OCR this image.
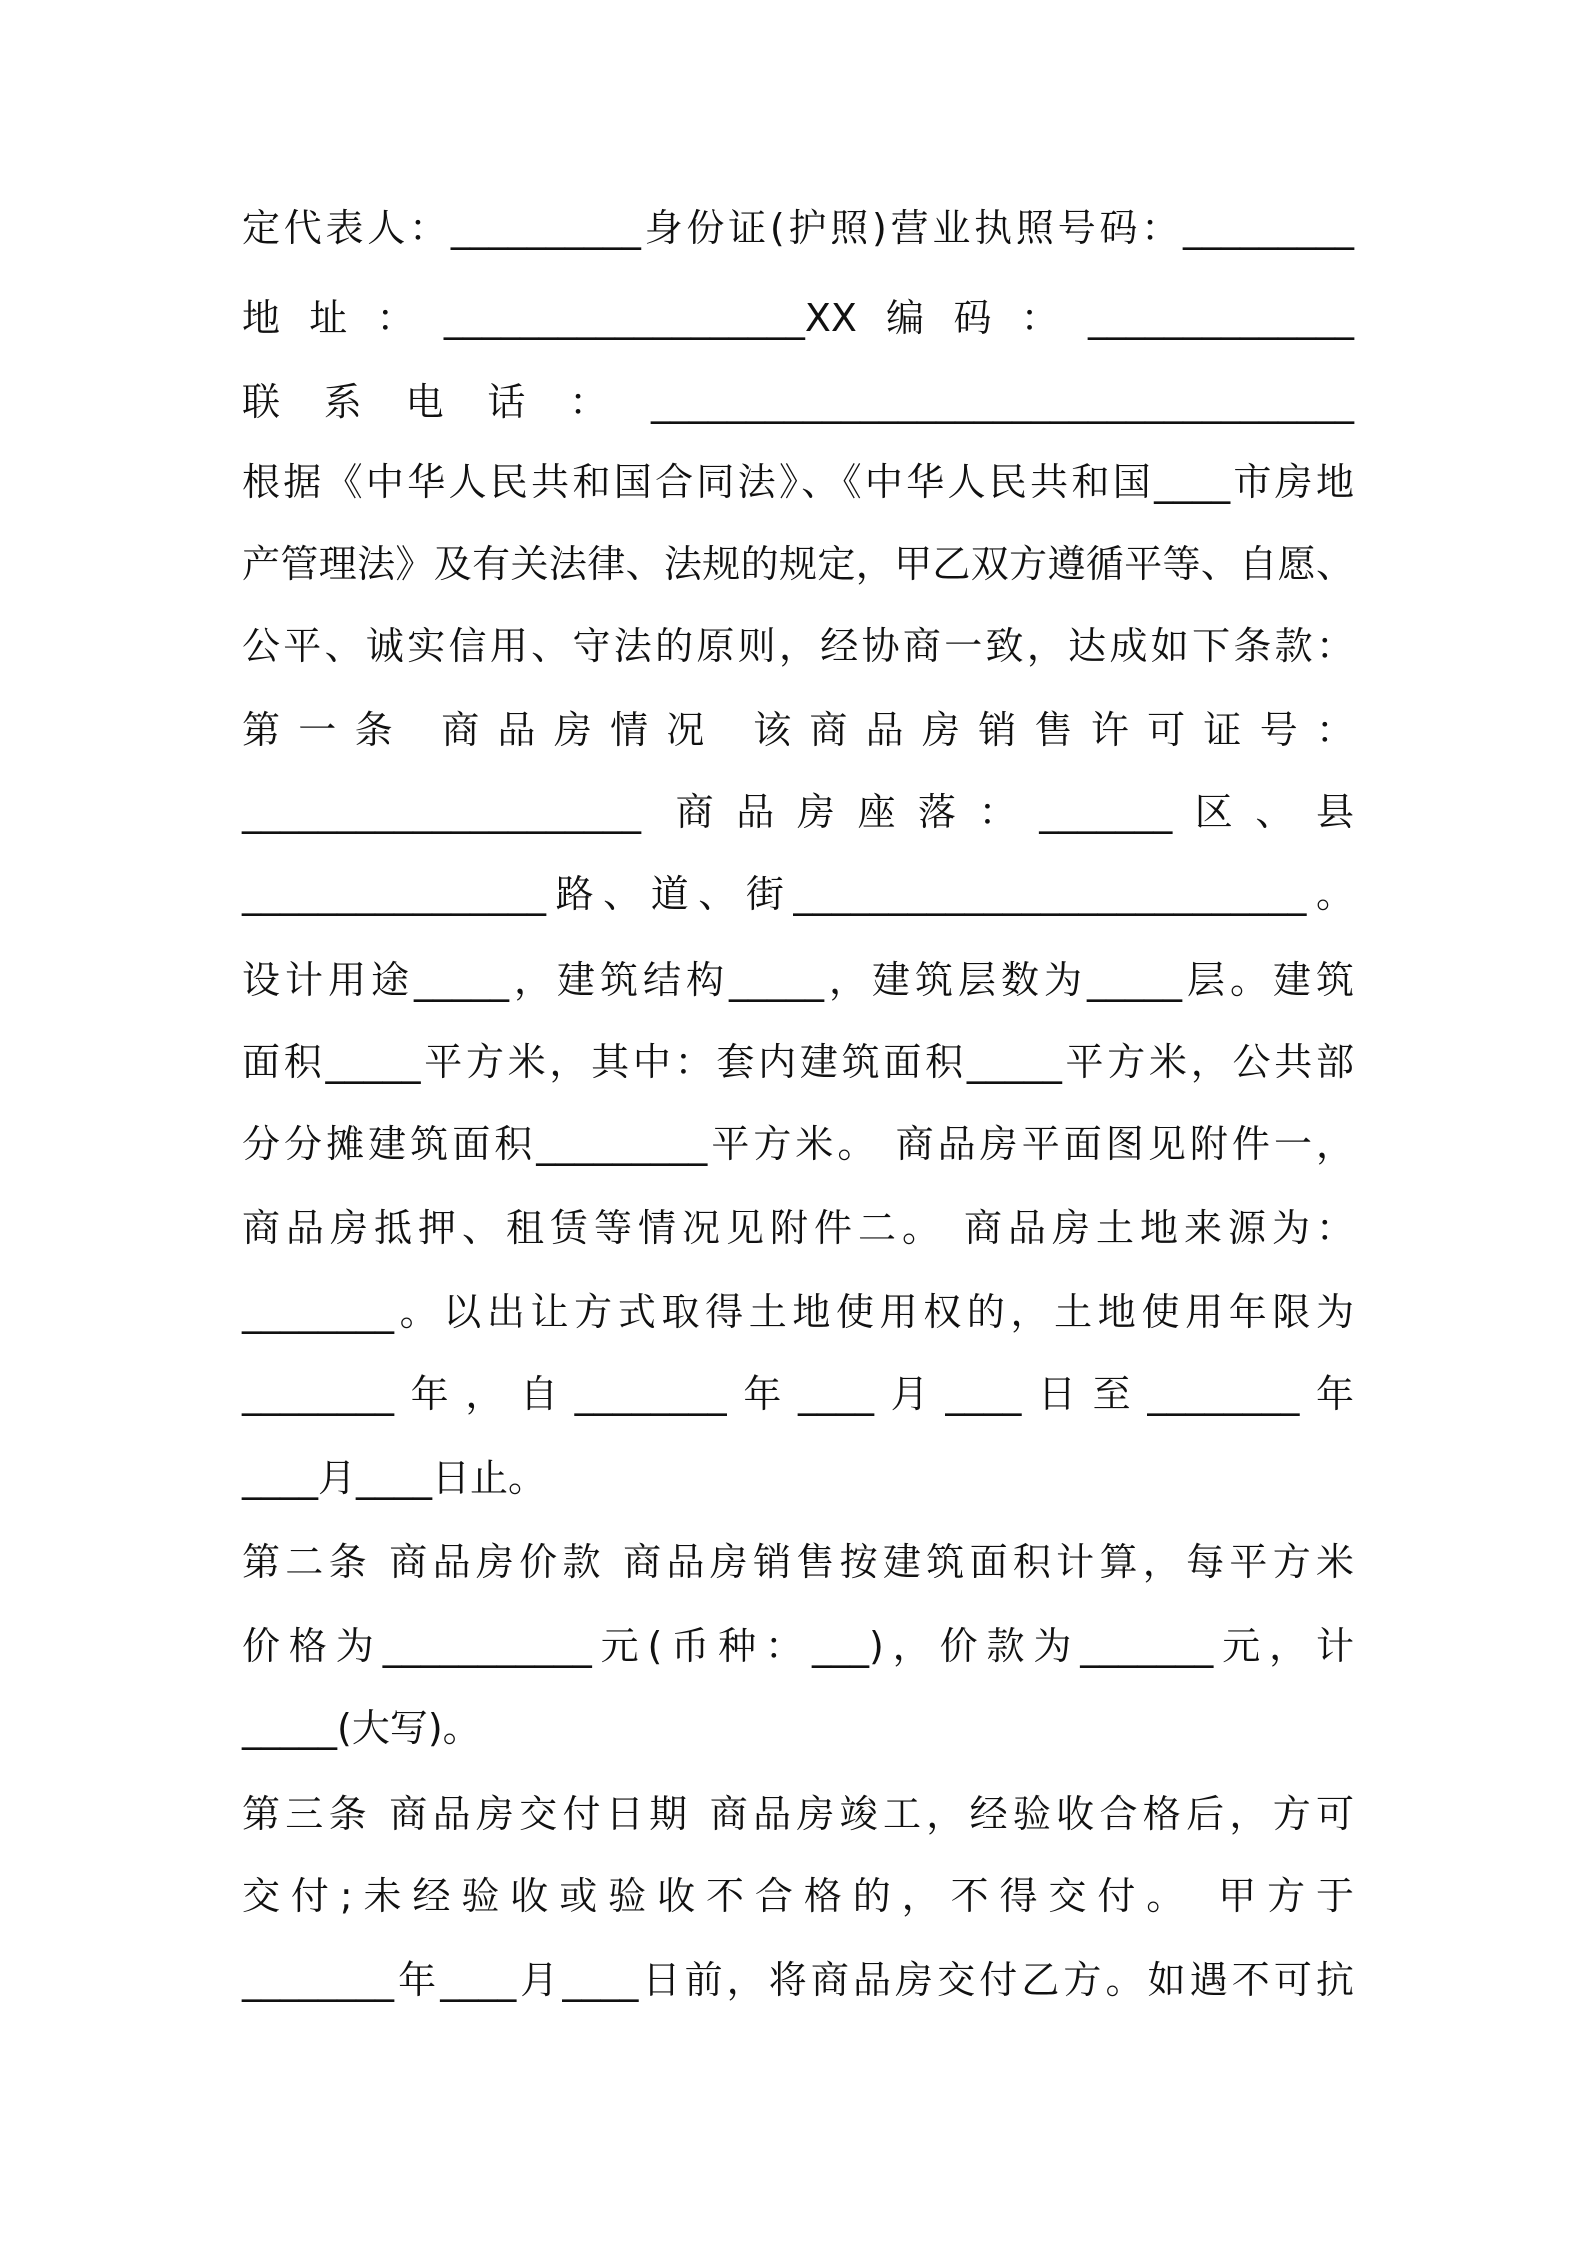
定代表人：__________身份证(护照)营业执照号码：_________
地址：___________________XX编码：______________
联系电话：_____________________________________
根据《中华人民共和国合同法》、《中华人民共和国____市房地
产管理法》及有关法律、法规的规定，甲乙双方遵循平等、自愿、
公平、诚实信用、守法的原则，经协商一致，达成如下条款：
第一条 商品房情况 该商品房销售许可证号：
_____________________ 商品房座落：_______区、县
________________路、道、街___________________________。
设计用途_____，建筑结构_____，建筑层数为_____层。建筑
面积_____平方米，其中：套内建筑面积_____平方米，公共部
分分摊建筑面积_________平方米。 商品房平面图见附件一，
商品房抵押、租赁等情况见附件二。 商品房土地来源为：
________。以出让方式取得土地使用权的，土地使用年限为
________年，自________年____月____日至________年
____月____日止。
第二条 商品房价款 商品房销售按建筑面积计算，每平方米
价格为___________元(币种：___)，价款为_______元，计
_____(大写)。
第三条 商品房交付日期 商品房竣工，经验收合格后，方可
交付;未经验收或验收不合格的，不得交付。 甲方于
________年____月____日前，将商品房交付乙方。如遇不可抗
